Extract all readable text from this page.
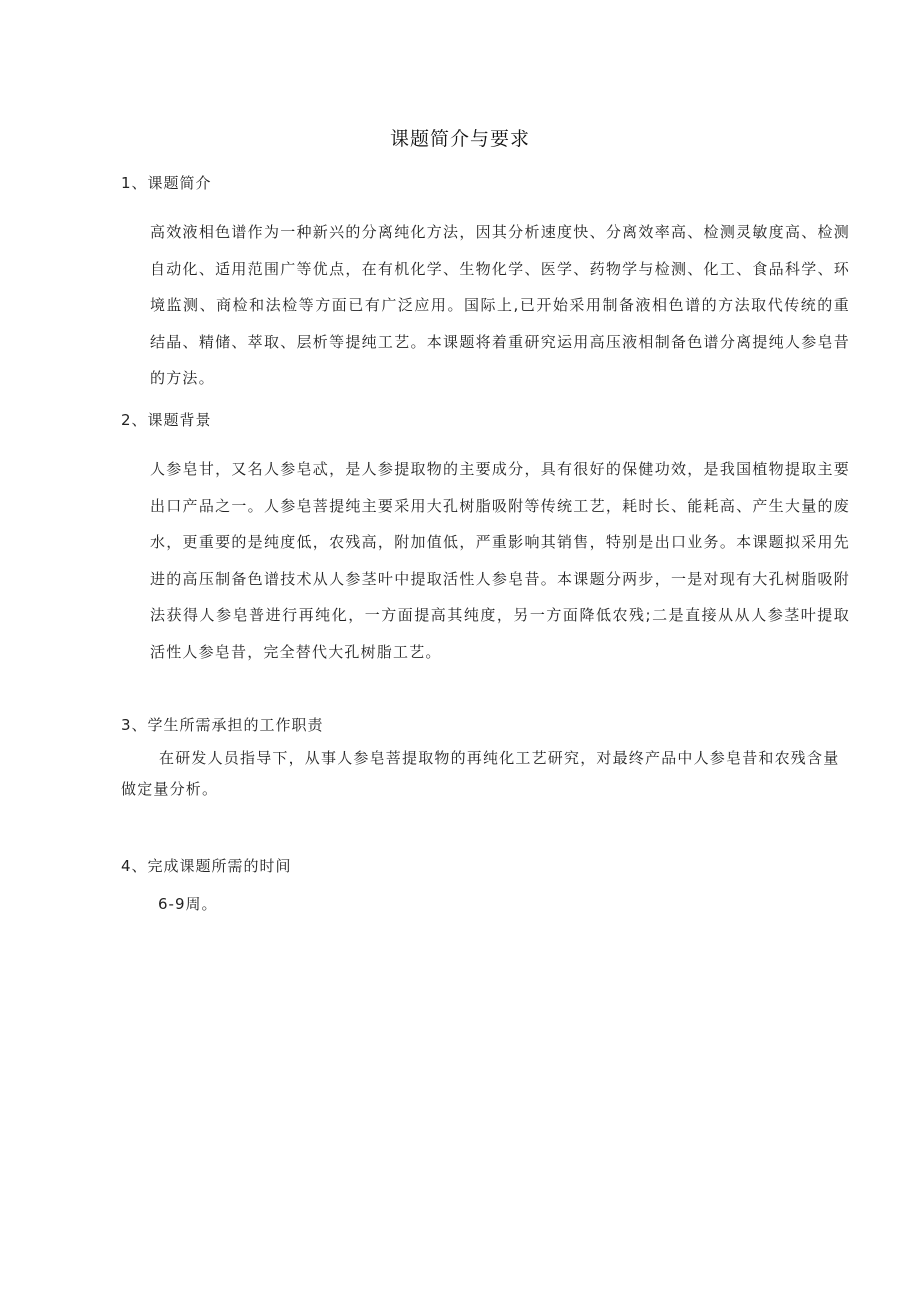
课题简介与要求
1、课题简介
高效液相色谱作为一种新兴的分离纯化方法，因其分析速度快、分离效率高、检测灵敏度高、检测自动化、适用范围广等优点，在有机化学、生物化学、医学、药物学与检测、化工、食品科学、环境监测、商检和法检等方面已有广泛应用。国际上,已开始采用制备液相色谱的方法取代传统的重结晶、精储、萃取、层析等提纯工艺。本课题将着重研究运用高压液相制备色谱分离提纯人参皂昔的方法。
2、课题背景
人参皂甘，又名人参皂忒，是人参提取物的主要成分，具有很好的保健功效，是我国植物提取主要出口产品之一。人参皂菩提纯主要采用大孔树脂吸附等传统工艺，耗时长、能耗高、产生大量的废水，更重要的是纯度低，农残高，附加值低，严重影响其销售，特别是出口业务。本课题拟采用先进的高压制备色谱技术从人参茎叶中提取活性人参皂昔。本课题分两步，一是对现有大孔树脂吸附法获得人参皂普进行再纯化，一方面提高其纯度，另一方面降低农残;二是直接从从人参茎叶提取活性人参皂昔，完全替代大孔树脂工艺。
3、学生所需承担的工作职责
在研发人员指导下，从事人参皂菩提取物的再纯化工艺研究，对最终产品中人参皂昔和农残含量做定量分析。
4、完成课题所需的时间
6-9周。
